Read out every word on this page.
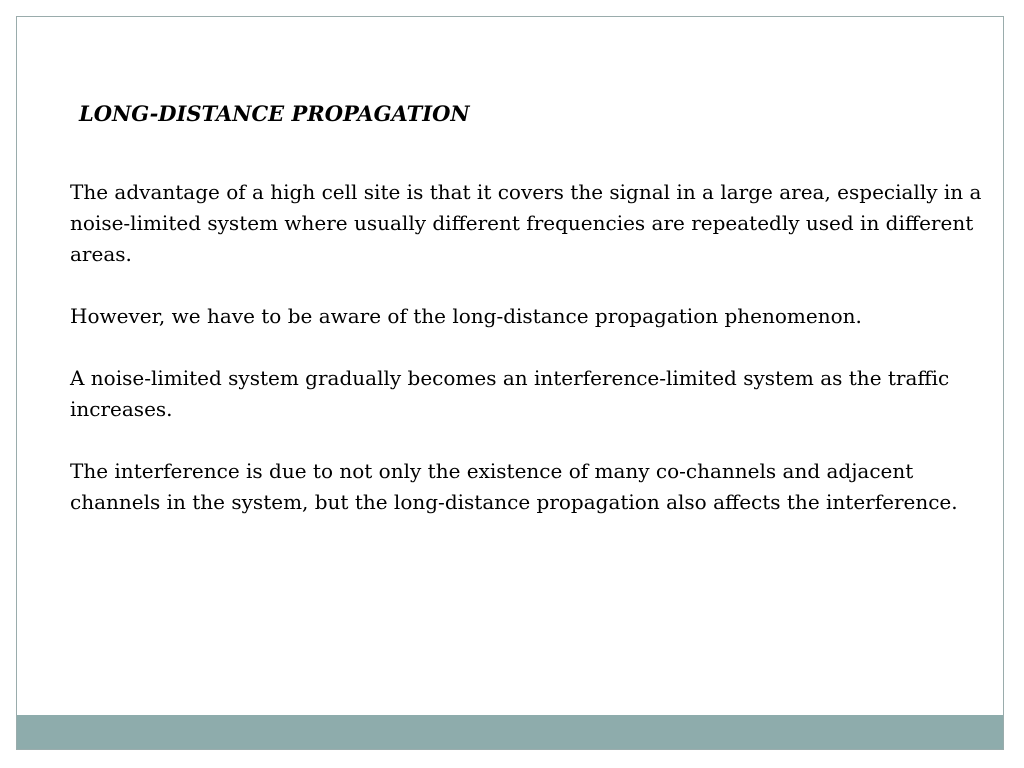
LONG-DISTANCE PROPAGATION

The advantage of a high cell site is that it covers the signal in a large area, especially in a noise-limited system where usually different frequencies are repeatedly used in different areas.

However, we have to be aware of the long-distance propagation phenomenon.

A noise-limited system gradually becomes an interference-limited system as the traffic increases.

The interference is due to not only the existence of many co-channels and adjacent channels in the system, but the long-distance propagation also affects the interference.
